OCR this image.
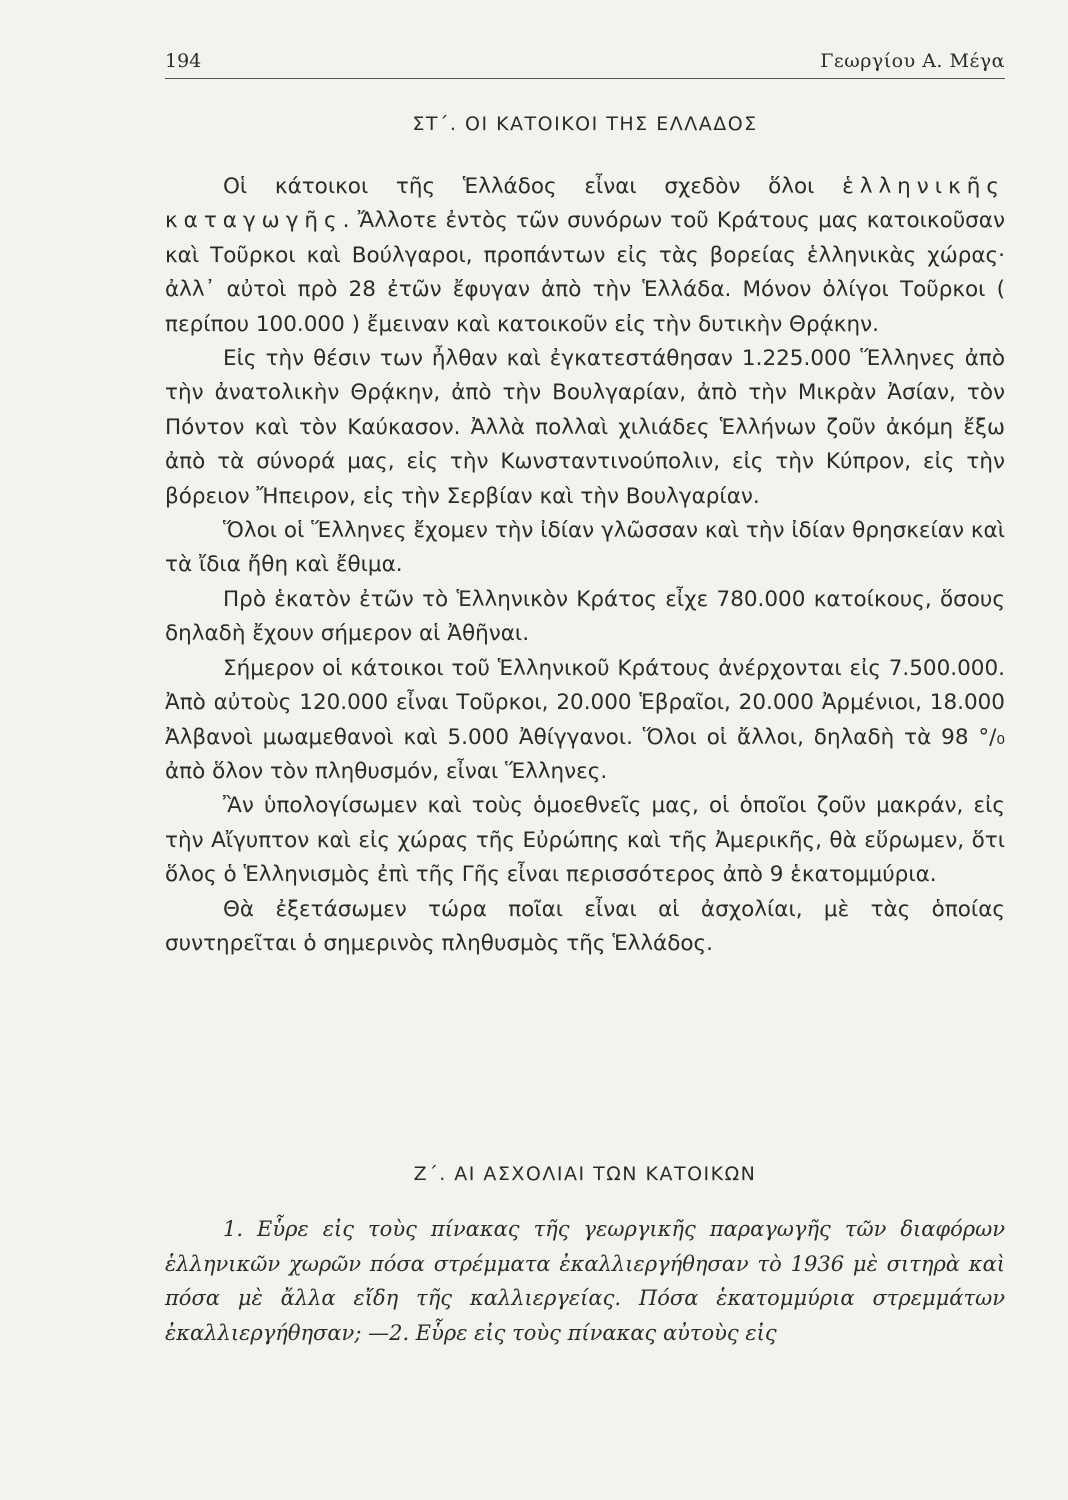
194	Γεωργίου Α. Μέγα
ΣΤ΄. ΟΙ ΚΑΤΟΙΚΟΙ ΤΗΣ ΕΛΛΑΔΟΣ

Οἱ κάτοικοι τῆς Ἑλλάδος εἶναι σχεδὸν ὅλοι ἑλληνικῆς καταγωγῆς. Ἄλλοτε ἐντὸς τῶν συνόρων τοῦ Κράτους μας κατοικοῦσαν καὶ Τοῦρκοι καὶ Βούλγαροι, προπάντων εἰς τὰς βορείας ἑλληνικὰς χώρας· ἀλλ᾽ αὐτοὶ πρὸ 28 ἐτῶν ἔφυγαν ἀπὸ τὴν Ἑλλάδα. Μόνον ὀλίγοι Τοῦρκοι ( περίπου 100.000 ) ἔμειναν καὶ κατοικοῦν εἰς τὴν δυτικὴν Θρᾴκην.

Εἰς τὴν θέσιν των ἦλθαν καὶ ἐγκατεστάθησαν 1.225.000 Ἕλληνες ἀπὸ τὴν ἀνατολικὴν Θρᾴκην, ἀπὸ τὴν Βουλγαρίαν, ἀπὸ τὴν Μικρὰν Ἀσίαν, τὸν Πόντον καὶ τὸν Καύκασον. Ἀλλὰ πολλαὶ χιλιάδες Ἑλλήνων ζοῦν ἀκόμη ἔξω ἀπὸ τὰ σύνορά μας, εἰς τὴν Κωνσταντινούπολιν, εἰς τὴν Κύπρον, εἰς τὴν βόρειον Ἤπειρον, εἰς τὴν Σερβίαν καὶ τὴν Βουλγαρίαν.

Ὅλοι οἱ Ἕλληνες ἔχομεν τὴν ἰδίαν γλῶσσαν καὶ τὴν ἰδίαν θρησκείαν καὶ τὰ ἴδια ἤθη καὶ ἔθιμα.

Πρὸ ἑκατὸν ἐτῶν τὸ Ἑλληνικὸν Κράτος εἶχε 780.000 κατοίκους, ὅσους δηλαδὴ ἔχουν σήμερον αἱ Ἀθῆναι.

Σήμερον οἱ κάτοικοι τοῦ Ἑλληνικοῦ Κράτους ἀνέρχονται εἰς 7.500.000. Ἀπὸ αὐτοὺς 120.000 εἶναι Τοῦρκοι, 20.000 Ἑβραῖοι, 20.000 Ἀρμένιοι, 18.000 Ἀλβανοὶ μωαμεθανοὶ καὶ 5.000 Ἀθίγγανοι. Ὅλοι οἱ ἄλλοι, δηλαδὴ τὰ 98 °/₀ ἀπὸ ὅλον τὸν πληθυσμόν, εἶναι Ἕλληνες.

Ἂν ὑπολογίσωμεν καὶ τοὺς ὁμοεθνεῖς μας, οἱ ὁποῖοι ζοῦν μακράν, εἰς τὴν Αἴγυπτον καὶ εἰς χώρας τῆς Εὐρώπης καὶ τῆς Ἀμερικῆς, θὰ εὕρωμεν, ὅτι ὅλος ὁ Ἑλληνισμὸς ἐπὶ τῆς Γῆς εἶναι περισσότερος ἀπὸ 9 ἑκατομμύρια.

Θὰ ἐξετάσωμεν τώρα ποῖαι εἶναι αἱ ἀσχολίαι, μὲ τὰς ὁποίας συντηρεῖται ὁ σημερινὸς πληθυσμὸς τῆς Ἑλλάδος.

Ζ΄. ΑΙ ΑΣΧΟΛΙΑΙ ΤΩΝ ΚΑΤΟΙΚΩΝ

1. Εὗρε εἰς τοὺς πίνακας τῆς γεωργικῆς παραγωγῆς τῶν διαφόρων ἑλληνικῶν χωρῶν πόσα στρέμματα ἐκαλλιεργήθησαν τὸ 1936 μὲ σιτηρὰ καὶ πόσα μὲ ἄλλα εἴδη τῆς καλλιεργείας. Πόσα ἑκατομμύρια στρεμμάτων ἐκαλλιεργήθησαν; —2. Εὗρε εἰς τοὺς πίνακας αὐτοὺς εἰς
